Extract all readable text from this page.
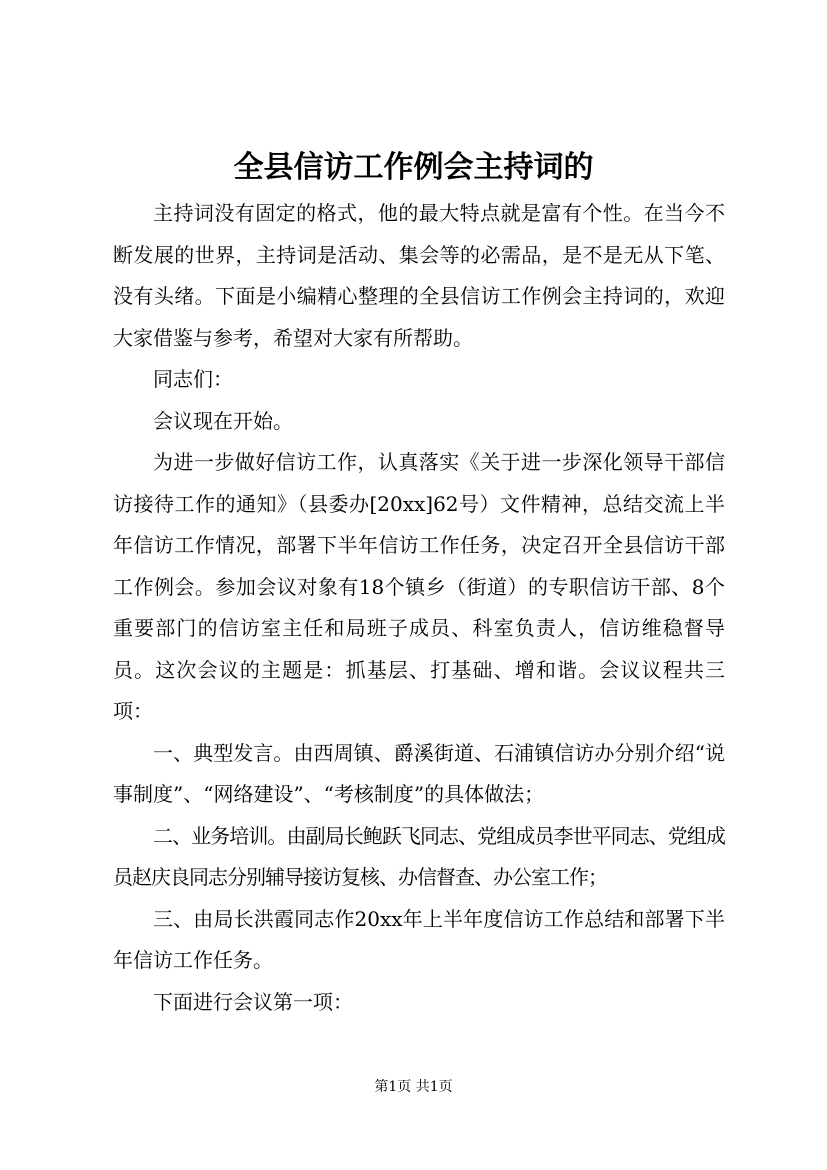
全县信访工作例会主持词的

主持词没有固定的格式，他的最大特点就是富有个性。在当今不断发展的世界，主持词是活动、集会等的必需品，是不是无从下笔、没有头绪。下面是小编精心整理的全县信访工作例会主持词的，欢迎大家借鉴与参考，希望对大家有所帮助。

同志们：

会议现在开始。

为进一步做好信访工作，认真落实《关于进一步深化领导干部信访接待工作的通知》（县委办[20xx]62号）文件精神，总结交流上半年信访工作情况，部署下半年信访工作任务，决定召开全县信访干部工作例会。参加会议对象有18个镇乡（街道）的专职信访干部、8个重要部门的信访室主任和局班子成员、科室负责人，信访维稳督导员。这次会议的主题是：抓基层、打基础、增和谐。会议议程共三项：

一、典型发言。由西周镇、爵溪街道、石浦镇信访办分别介绍“说事制度”、“网络建设”、“考核制度”的具体做法；

二、业务培训。由副局长鲍跃飞同志、党组成员李世平同志、党组成员赵庆良同志分别辅导接访复核、办信督查、办公室工作；

三、由局长洪霞同志作20xx年上半年度信访工作总结和部署下半年信访工作任务。

下面进行会议第一项：

第1页 共1页
